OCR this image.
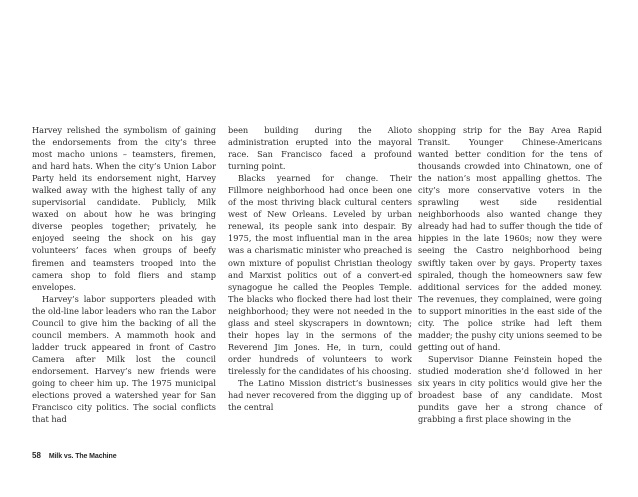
Harvey relished the symbolism of gaining the endorsements from the city’s three most macho unions – teamsters, firemen, and hard hats. When the city’s Union Labor Party held its endorsement night, Harvey walked away with the highest tally of any supervisorial candidate. Publicly, Milk waxed on about how he was bringing diverse peoples together; privately, he enjoyed seeing the shock on his gay volunteers’ faces when groups of beefy firemen and teamsters trooped into the camera shop to fold fliers and stamp envelopes.

Harvey’s labor supporters pleaded with the old-line labor leaders who ran the Labor Council to give him the backing of all the council members. A mammoth hook and ladder truck appeared in front of Castro Camera after Milk lost the council endorsement. Harvey’s new friends were going to cheer him up. The 1975 municipal elections proved a watershed year for San Francisco city politics. The social conflicts that had

been building during the Alioto administration erupted into the mayoral race. San Francisco faced a profound turning point.

Blacks yearned for change. Their Fillmore neighborhood had once been one of the most thriving black cultural centers west of New Orleans. Leveled by urban renewal, its people sank into despair. By 1975, the most influential man in the area was a charismatic minister who preached is own mixture of populist Christian theology and Marxist politics out of a convert-ed synagogue he called the Peoples Temple. The blacks who flocked there had lost their neighborhood; they were not needed in the glass and steel skyscrapers in downtown; their hopes lay in the sermons of the Reverend Jim Jones. He, in turn, could order hundreds of volunteers to work tirelessly for the candidates of his choosing.

The Latino Mission district’s businesses had never recovered from the digging up of the central

shopping strip for the Bay Area Rapid Transit. Younger Chinese-Americans wanted better condition for the tens of thousands crowded into Chinatown, one of the nation’s most appalling ghettos. The city’s more conservative voters in the sprawling west side residential neighborhoods also wanted change they already had had to suffer though the tide of hippies in the late 1960s; now they were seeing the Castro neighborhood being swiftly taken over by gays. Property taxes spiraled, though the homeowners saw few additional services for the added money. The revenues, they complained, were going to support minorities in the east side of the city. The police strike had left them madder; the pushy city unions seemed to be getting out of hand.

Supervisor Dianne Feinstein hoped the studied moderation she’d followed in her six years in city politics would give her the broadest base of any candidate. Most pundits gave her a strong chance of grabbing a first place showing in the

58 Milk vs. The Machine
